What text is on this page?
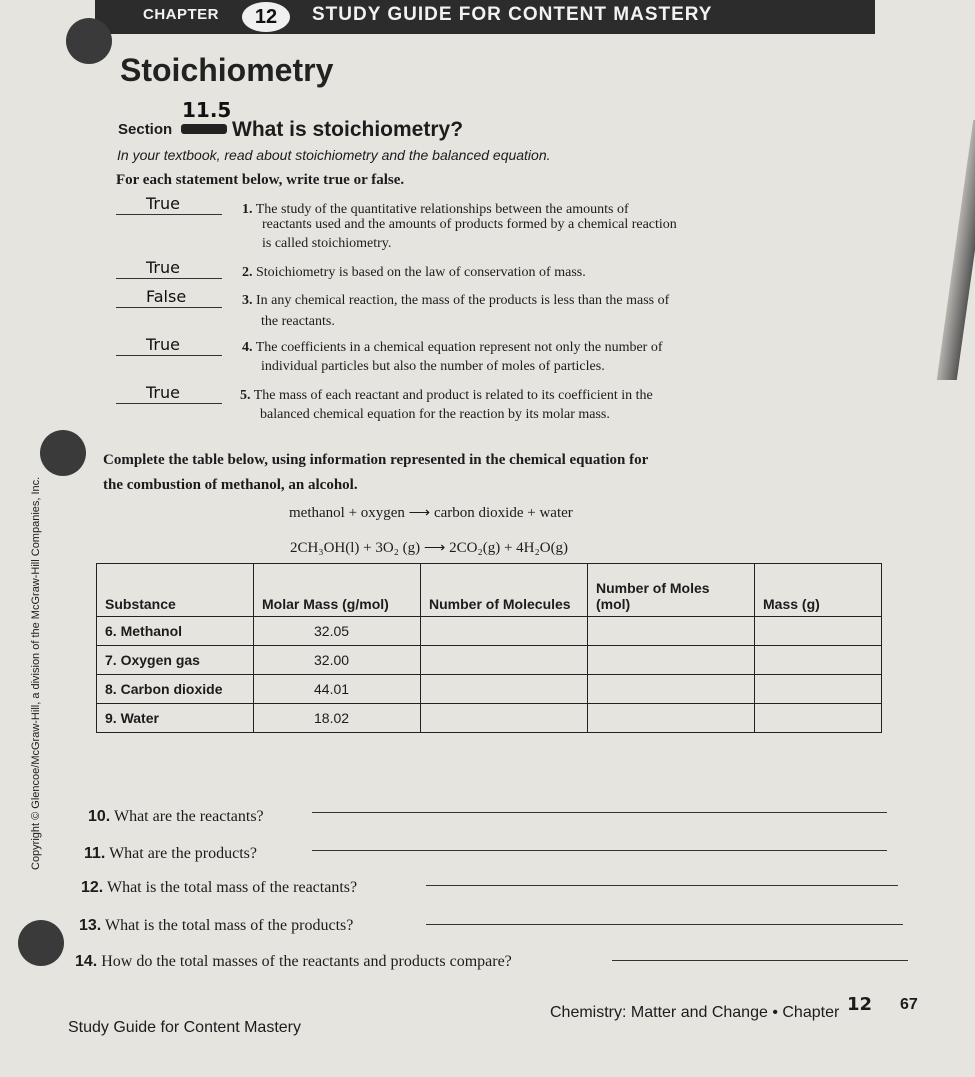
CHAPTER	12	STUDY GUIDE FOR CONTENT MASTERY
Stoichiometry
Section
11.5
What is stoichiometry?
In your textbook, read about stoichiometry and the balanced equation.
For each statement below, write true or false.
True	1. The study of the quantitative relationships between the amounts of
reactants used and the amounts of products formed by a chemical reaction
is called stoichiometry.
True	2. Stoichiometry is based on the law of conservation of mass.
False	3. In any chemical reaction, the mass of the products is less than the mass of
the reactants.
True	4. The coefficients in a chemical equation represent not only the number of
individual particles but also the number of moles of particles.
True	5. The mass of each reactant and product is related to its coefficient in the
balanced chemical equation for the reaction by its molar mass.
Complete the table below, using information represented in the chemical equation for
the combustion of methanol, an alcohol.
methanol + oxygen ⟶ carbon dioxide + water
2CH₃OH(l) + 3O₂ (g) ⟶ 2CO₂(g) + 4H₂O(g)
Substance	Molar Mass (g/mol)	Number of Molecules	Number of Moles (mol)	Mass (g)
6. Methanol	32.05			
7. Oxygen gas	32.00			
8. Carbon dioxide	44.01			
9. Water	18.02			
10. What are the reactants?
11. What are the products?
12. What is the total mass of the reactants?
13. What is the total mass of the products?
14. How do the total masses of the reactants and products compare?
Study Guide for Content Mastery
Chemistry: Matter and Change • Chapter 12 67
Copyright © Glencoe/McGraw-Hill, a division of the McGraw-Hill Companies, Inc.
